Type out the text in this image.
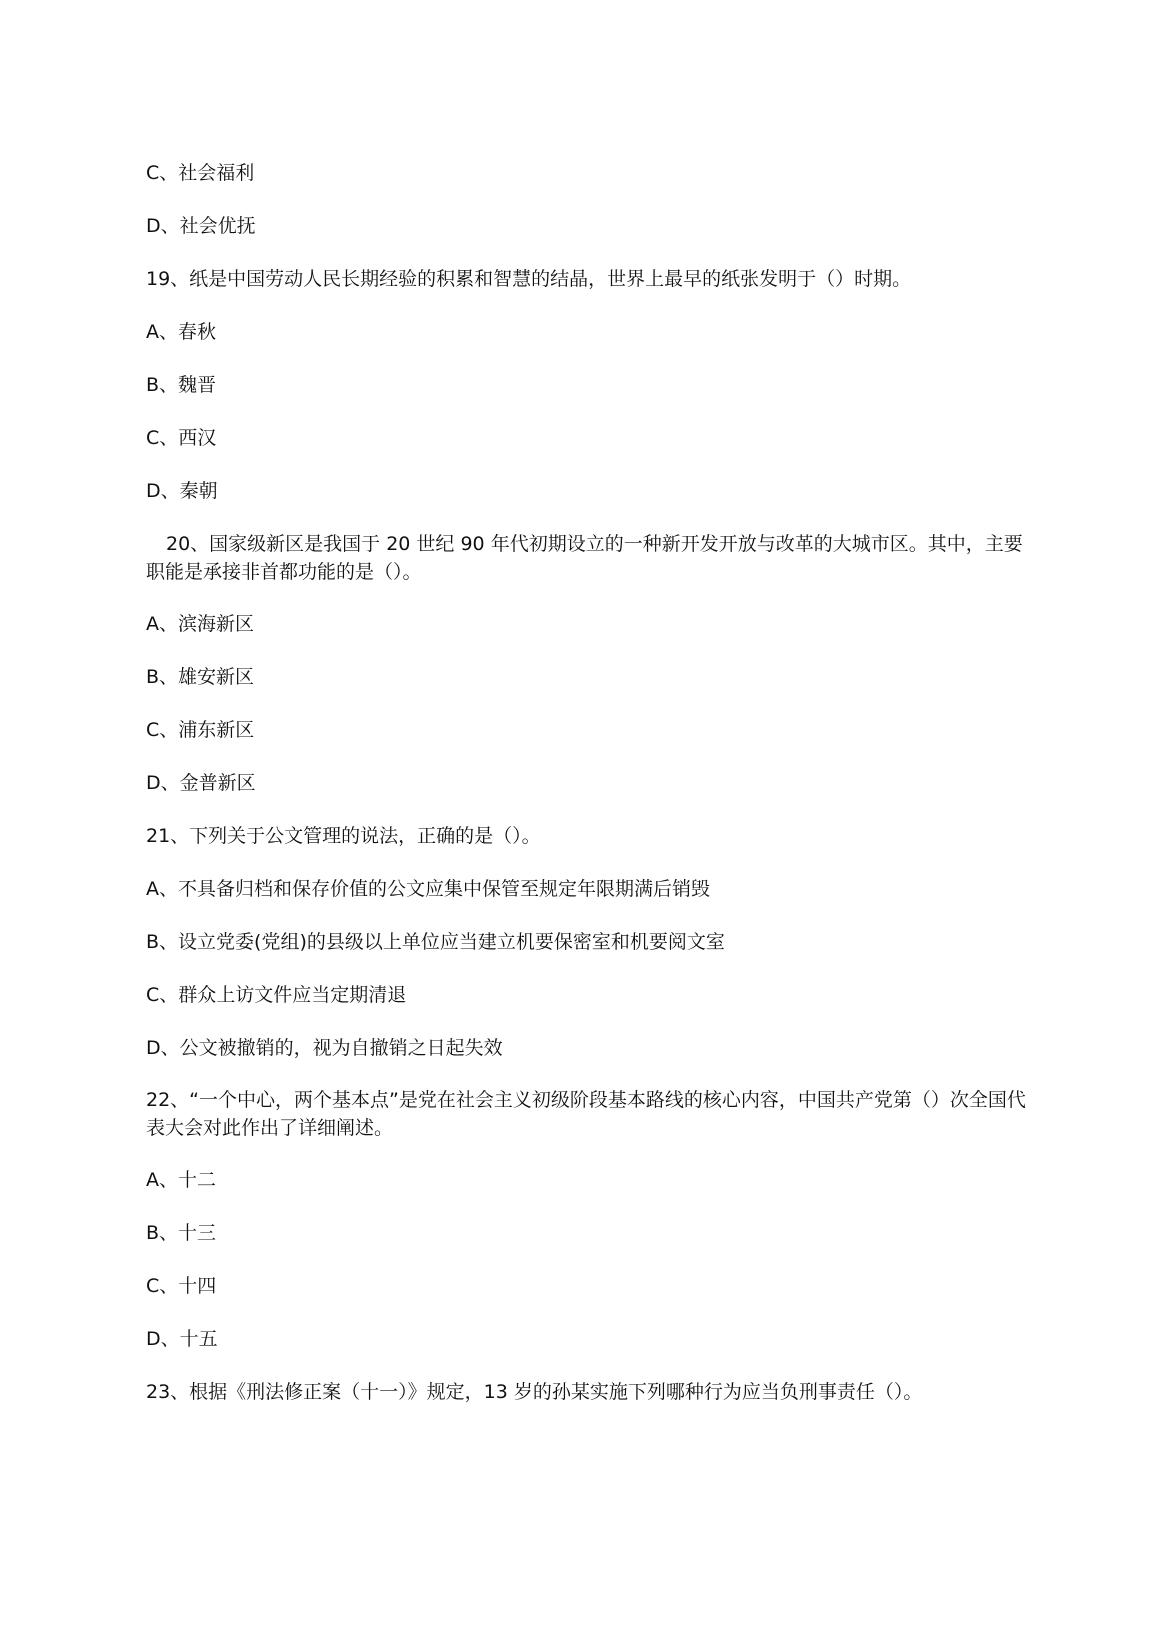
C、社会福利
D、社会优抚
19、纸是中国劳动人民长期经验的积累和智慧的结晶，世界上最早的纸张发明于（）时期。
A、春秋
B、魏晋
C、西汉
D、秦朝
20、国家级新区是我国于 20 世纪 90 年代初期设立的一种新开发开放与改革的大城市区。其中，主要职能是承接非首都功能的是（）。
A、滨海新区
B、雄安新区
C、浦东新区
D、金普新区
21、下列关于公文管理的说法，正确的是（）。
A、不具备归档和保存价值的公文应集中保管至规定年限期满后销毁
B、设立党委(党组)的县级以上单位应当建立机要保密室和机要阅文室
C、群众上访文件应当定期清退
D、公文被撤销的，视为自撤销之日起失效
22、“一个中心，两个基本点”是党在社会主义初级阶段基本路线的核心内容，中国共产党第（）次全国代表大会对此作出了详细阐述。
A、十二
B、十三
C、十四
D、十五
23、根据《刑法修正案（十一）》规定，13 岁的孙某实施下列哪种行为应当负刑事责任（）。
